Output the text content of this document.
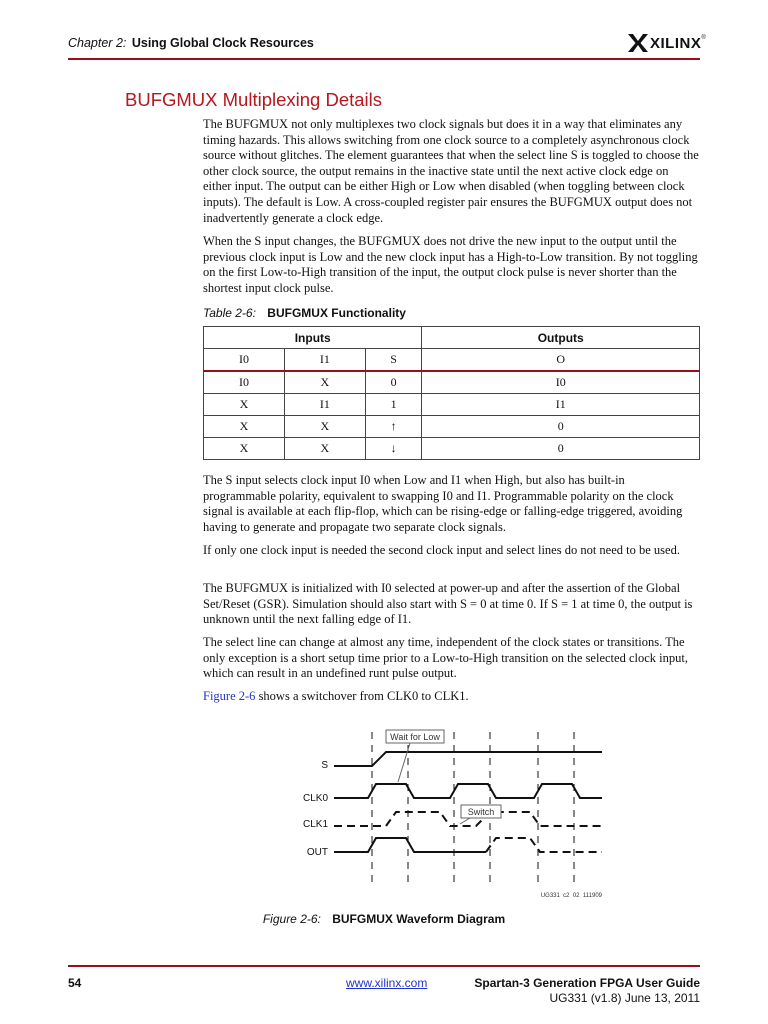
Chapter 2: Using Global Clock Resources	XILINX ®
BUFGMUX Multiplexing Details

The BUFGMUX not only multiplexes two clock signals but does it in a way that eliminates any timing hazards. This allows switching from one clock source to a completely asynchronous clock source without glitches. The element guarantees that when the select line S is toggled to choose the other clock source, the output remains in the inactive state until the next active clock edge on either input. The output can be either High or Low when disabled (when toggling between clock inputs). The default is Low. A cross-coupled register pair ensures the BUFGMUX output does not inadvertently generate a clock edge.

When the S input changes, the BUFGMUX does not drive the new input to the output until the previous clock input is Low and the new clock input has a High-to-Low transition. By not toggling on the first Low-to-High transition of the input, the output clock pulse is never shorter than the shortest input clock pulse.

Table 2-6: BUFGMUX Functionality
Inputs			Outputs
I0	I1	S	O
I0	X	0	I0
X	I1	1	I1
X	X	↑	0
X	X	↓	0

The S input selects clock input I0 when Low and I1 when High, but also has built-in programmable polarity, equivalent to swapping I0 and I1. Programmable polarity on the clock signal is available at each flip-flop, which can be rising-edge or falling-edge triggered, avoiding having to generate and propagate two separate clock signals.

If only one clock input is needed the second clock input and select lines do not need to be used.

The BUFGMUX is initialized with I0 selected at power-up and after the assertion of the Global Set/Reset (GSR). Simulation should also start with S = 0 at time 0. If S = 1 at time 0, the output is unknown until the next falling edge of I1.

The select line can change at almost any time, independent of the clock states or transitions. The only exception is a short setup time prior to a Low-to-High transition on the selected clock input, which can result in an undefined runt pulse output.

Figure 2-6 shows a switchover from CLK0 to CLK1.

S
CLK0
CLK1
OUT
Wait for Low
Switch
UG331_c2_02_111909
Figure 2-6: BUFGMUX Waveform Diagram
54	www.xilinx.com	Spartan-3 Generation FPGA User Guide
UG331 (v1.8) June 13, 2011
